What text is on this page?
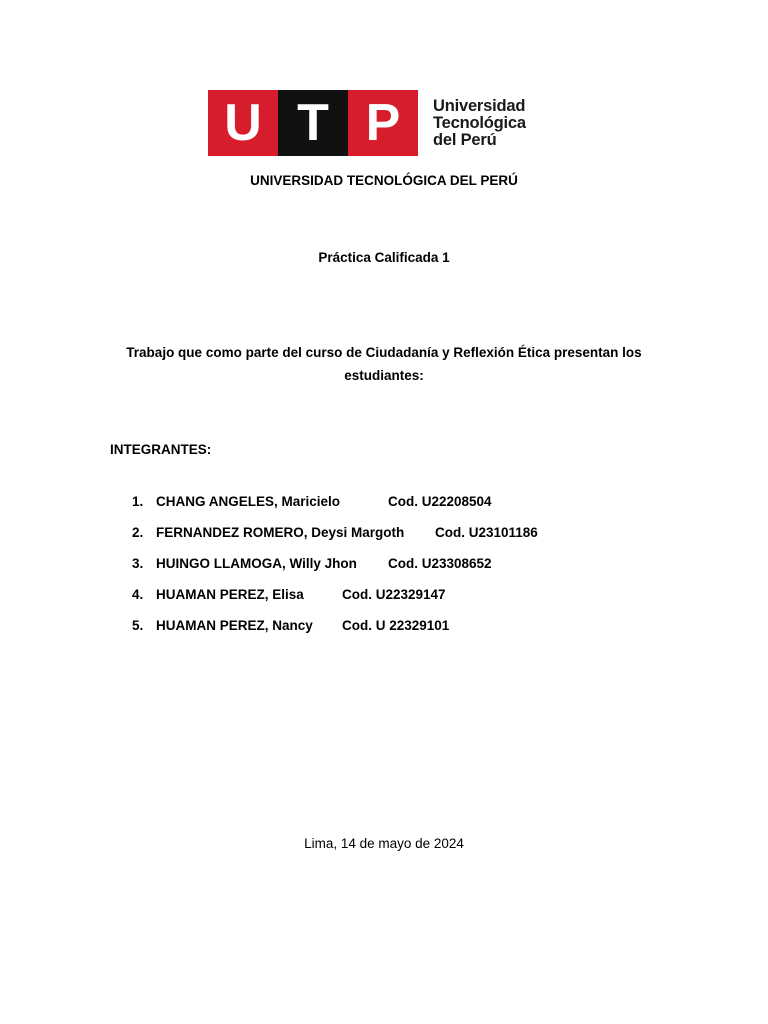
U T P Universidad
Tecnológica
del Perú
UNIVERSIDAD TECNOLÓGICA DEL PERÚ
Práctica Calificada 1
Trabajo que como parte del curso de Ciudadanía y Reflexión Ética presentan los estudiantes:
INTEGRANTES:
1. CHANG ANGELES, Maricielo	Cod. U22208504
2. FERNANDEZ ROMERO, Deysi Margoth Cod. U23101186
3. HUINGO LLAMOGA, Willy Jhon Cod. U23308652
4. HUAMAN PEREZ, Elisa	Cod. U22329147
5. HUAMAN PEREZ, Nancy Cod. U 22329101
Lima, 14 de mayo de 2024
